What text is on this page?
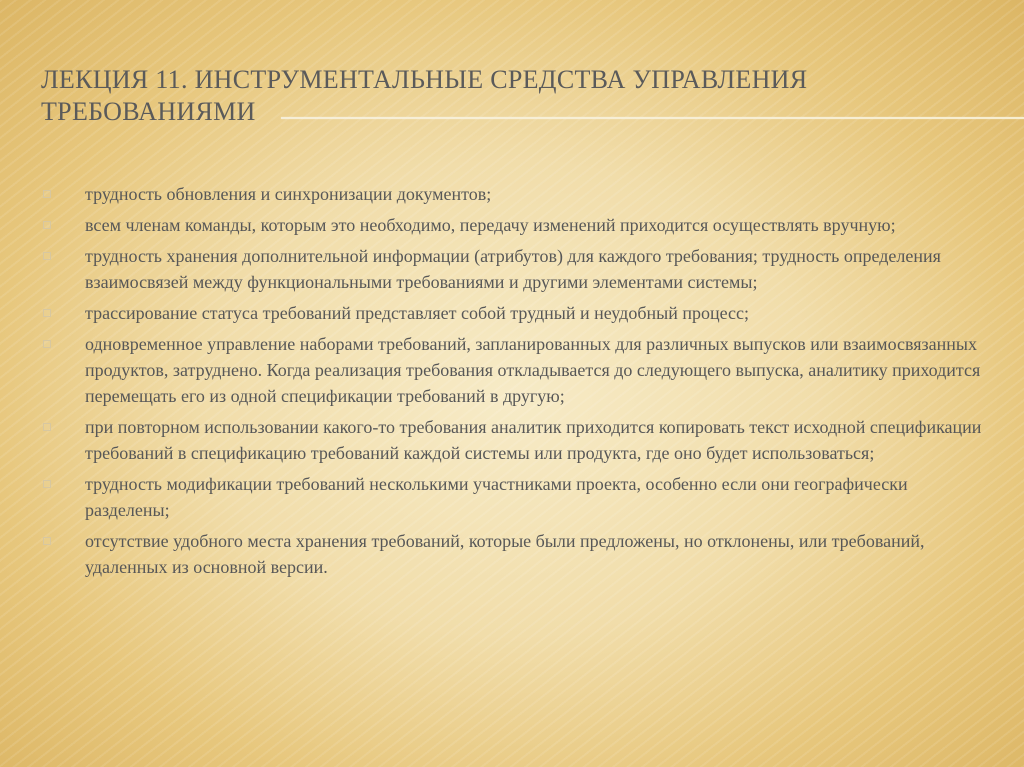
ЛЕКЦИЯ 11. ИНСТРУМЕНТАЛЬНЫЕ СРЕДСТВА УПРАВЛЕНИЯ ТРЕБОВАНИЯМИ
трудность обновления и синхронизации документов;
всем членам команды, которым это необходимо, передачу изменений приходится осуществлять вручную;
трудность хранения дополнительной информации (атрибутов) для каждого требования; трудность определения взаимосвязей между функциональными требованиями и другими элементами системы;
трассирование статуса требований представляет собой трудный и неудобный процесс;
одновременное управление наборами требований, запланированных для различных выпусков или взаимосвязанных продуктов, затруднено. Когда реализация требования откладывается до следующего выпуска, аналитику приходится перемещать его из одной спецификации требований в другую;
при повторном использовании какого-то требования аналитик приходится копировать текст исходной спецификации требований в спецификацию требований каждой системы или продукта, где оно будет использоваться;
трудность модификации требований несколькими участниками проекта, особенно если они географически разделены;
отсутствие удобного места хранения требований, которые были предложены, но отклонены, или требований, удаленных из основной версии.
